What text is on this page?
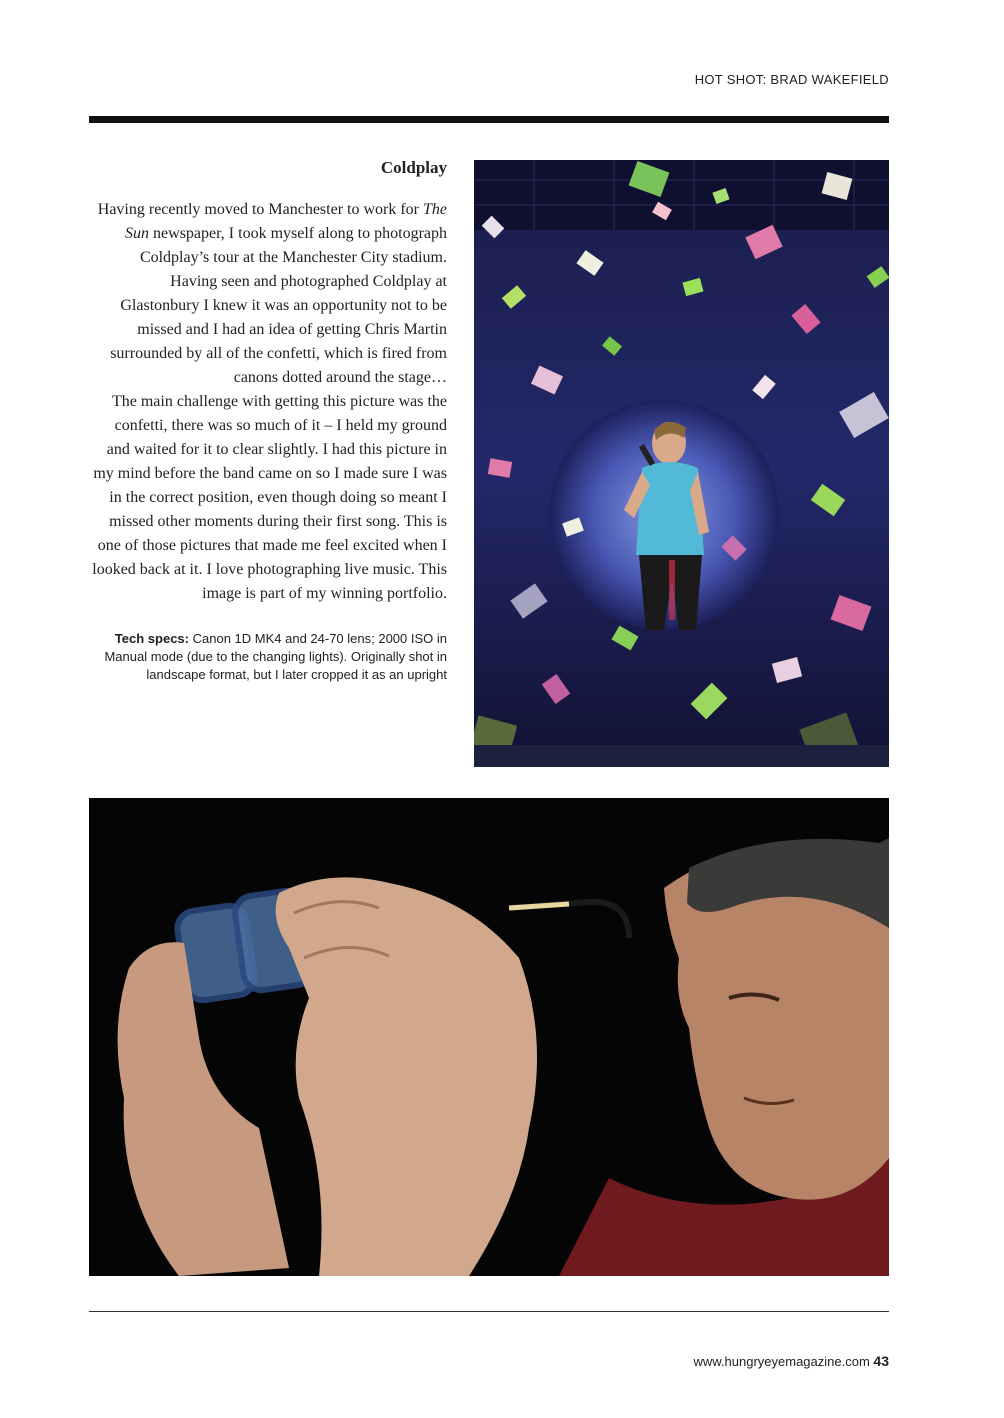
HOT SHOT: BRAD WAKEFIELD
Coldplay

Having recently moved to Manchester to work for The Sun newspaper, I took myself along to photograph Coldplay’s tour at the Manchester City stadium. Having seen and photographed Coldplay at Glastonbury I knew it was an opportunity not to be missed and I had an idea of getting Chris Martin surrounded by all of the confetti, which is fired from canons dotted around the stage…

The main challenge with getting this picture was the confetti, there was so much of it – I held my ground and waited for it to clear slightly. I had this picture in my mind before the band came on so I made sure I was in the correct position, even though doing so meant I missed other moments during their first song. This is one of those pictures that made me feel excited when I looked back at it. I love photographing live music. This image is part of my winning portfolio.

Tech specs: Canon 1D MK4 and 24-70 lens; 2000 ISO in Manual mode (due to the changing lights). Originally shot in landscape format, but I later cropped it as an upright
www.hungryeyemagazine.com 43
